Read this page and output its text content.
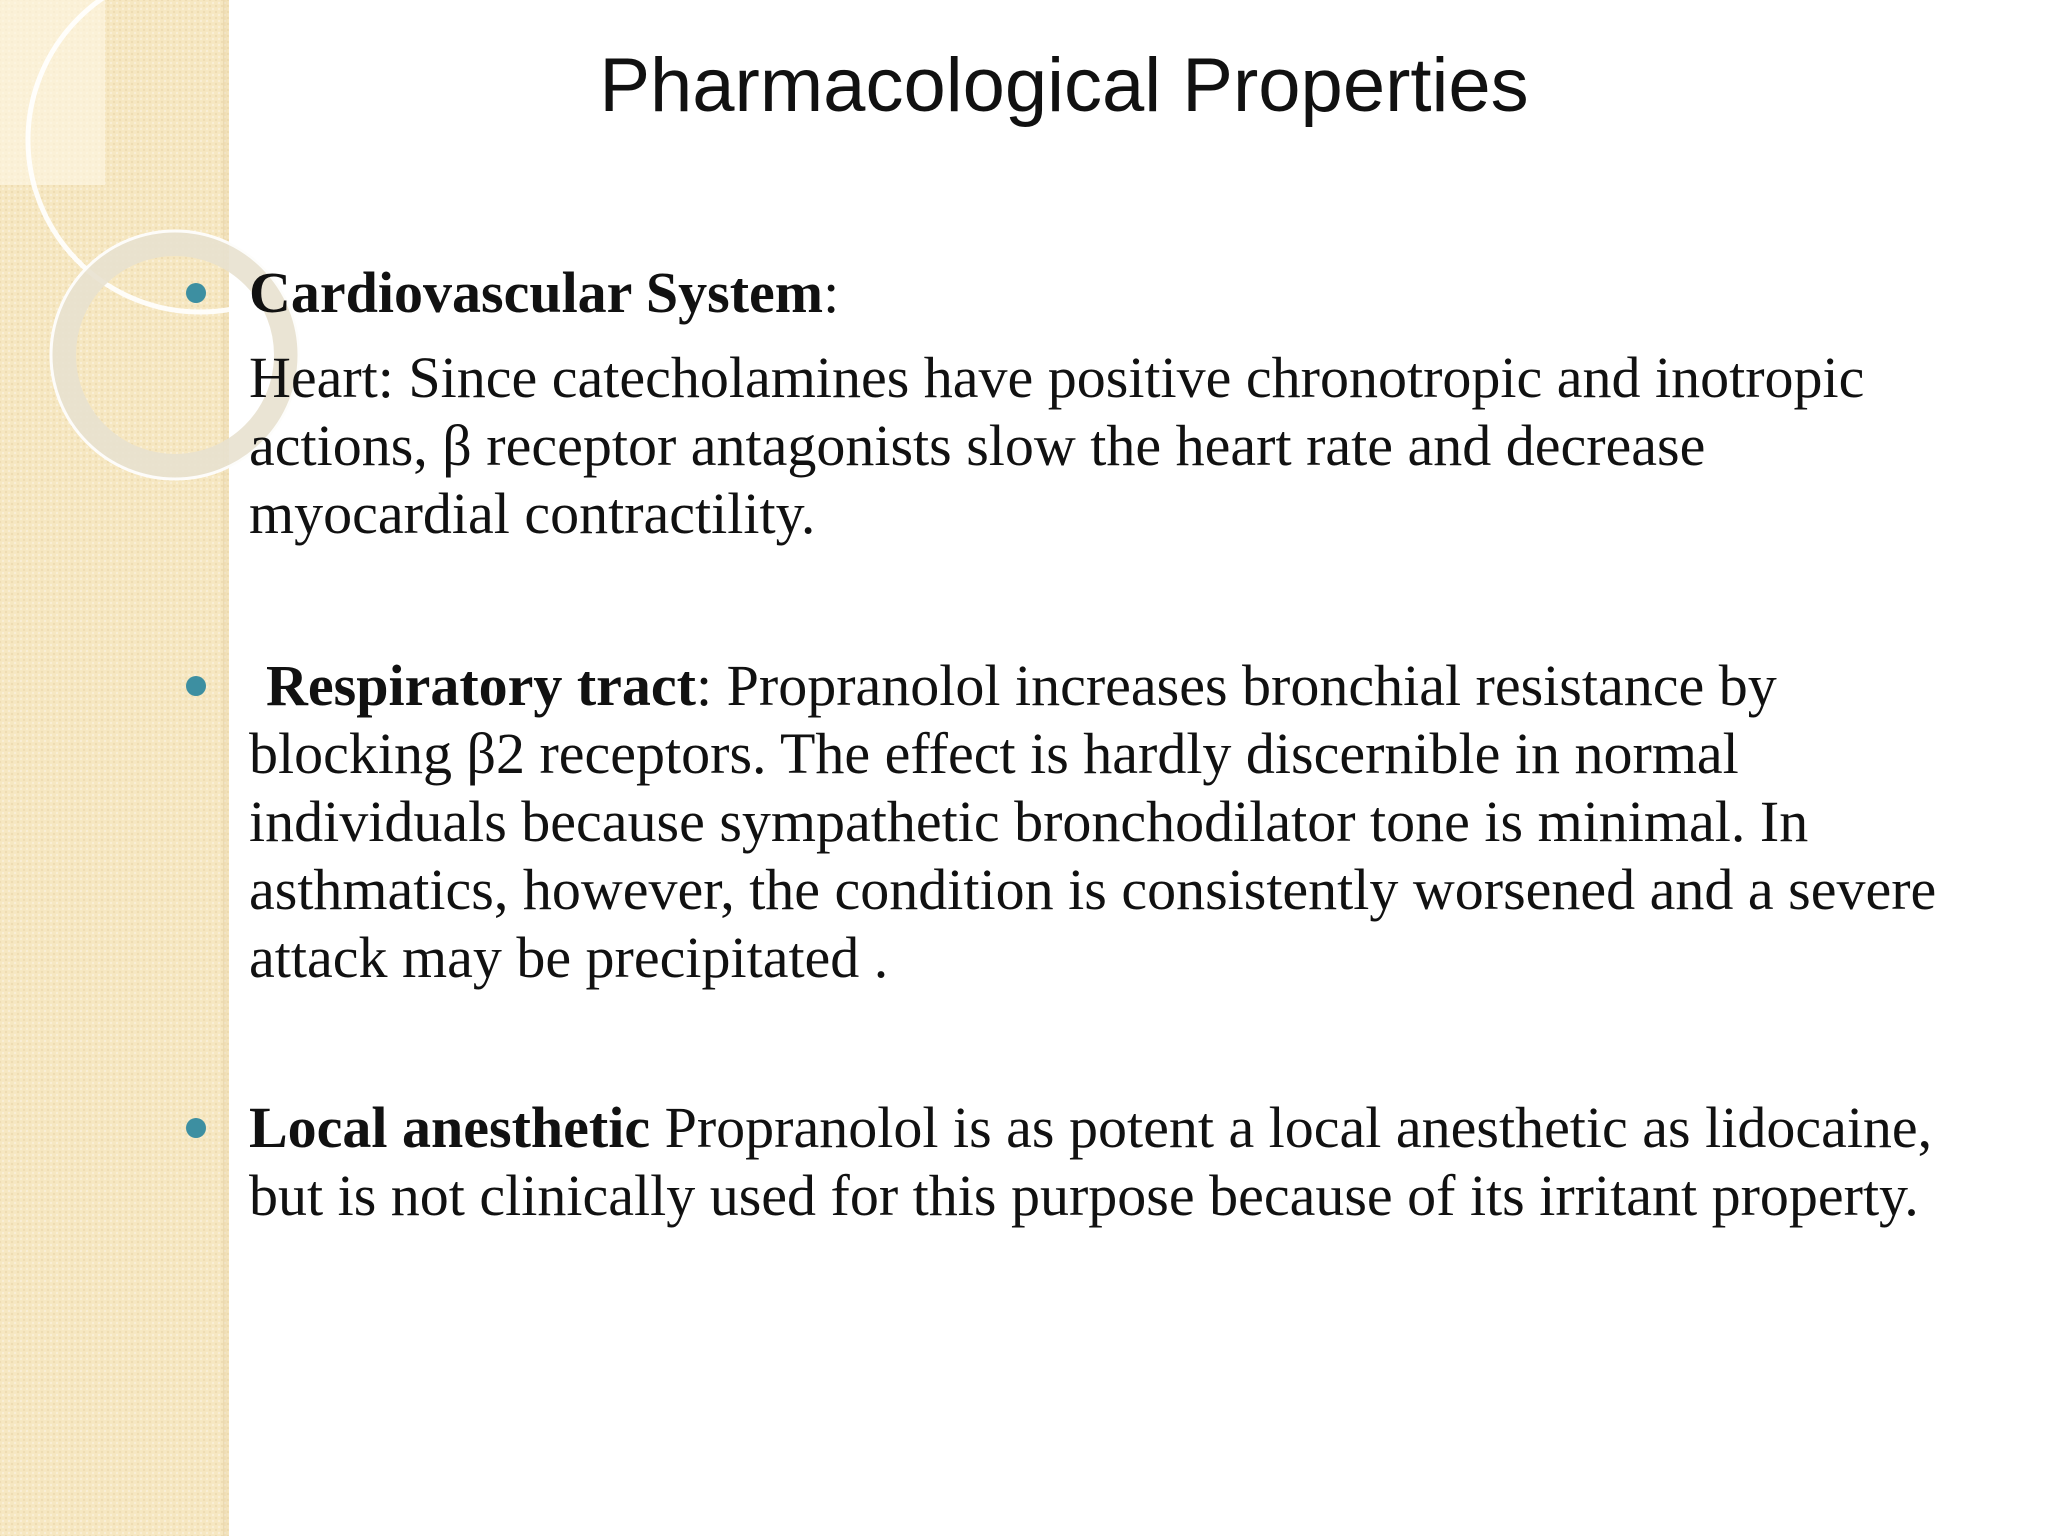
Pharmacological Properties

Cardiovascular System:

Heart: Since catecholamines have positive chronotropic and inotropic actions, β receptor antagonists slow the heart rate and decrease myocardial contractility.

Respiratory tract: Propranolol increases bronchial resistance by blocking β2 receptors. The effect is hardly discernible in normal individuals because sympathetic bronchodilator tone is minimal. In asthmatics, however, the condition is consistently worsened and a severe attack may be precipitated .

Local anesthetic Propranolol is as potent a local anesthetic as lidocaine, but is not clinically used for this purpose because of its irritant property.
